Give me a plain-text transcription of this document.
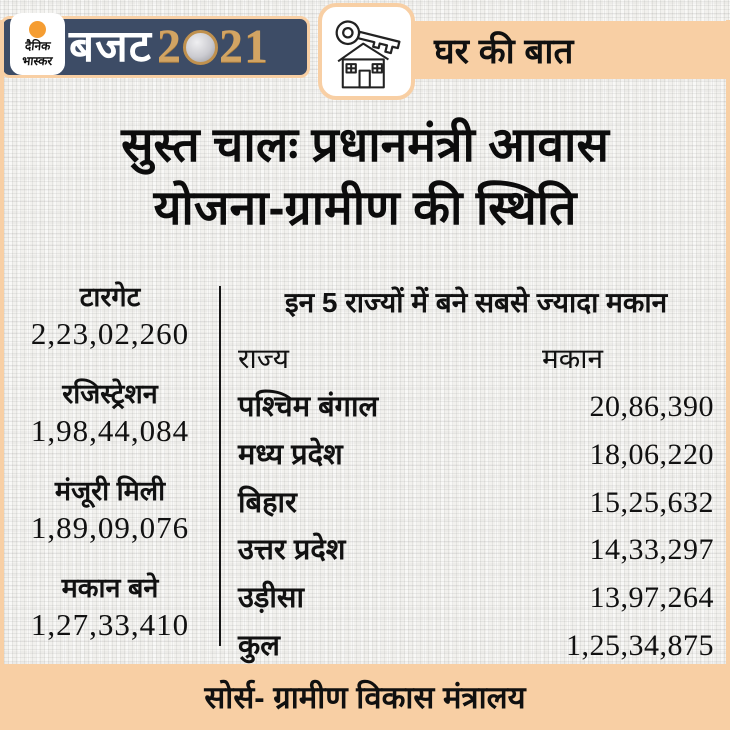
बजट 2 21
दैनिक
भास्कर	घर की बात
सुस्त चालः प्रधानमंत्री आवास
योजना-ग्रामीण की स्थिति
टारगेट
2,23,02,260
रजिस्ट्रेशन
1,98,44,084
मंजूरी मिली
1,89,09,076
मकान बने
1,27,33,410
इन 5 राज्यों में बने सबसे ज्यादा मकान
राज्य	मकान
पश्चिम बंगाल	20,86,390
मध्य प्रदेश	18,06,220
बिहार	15,25,632
उत्तर प्रदेश	14,33,297
उड़ीसा	13,97,264
कुल	1,25,34,875
सोर्स- ग्रामीण विकास मंत्रालय
